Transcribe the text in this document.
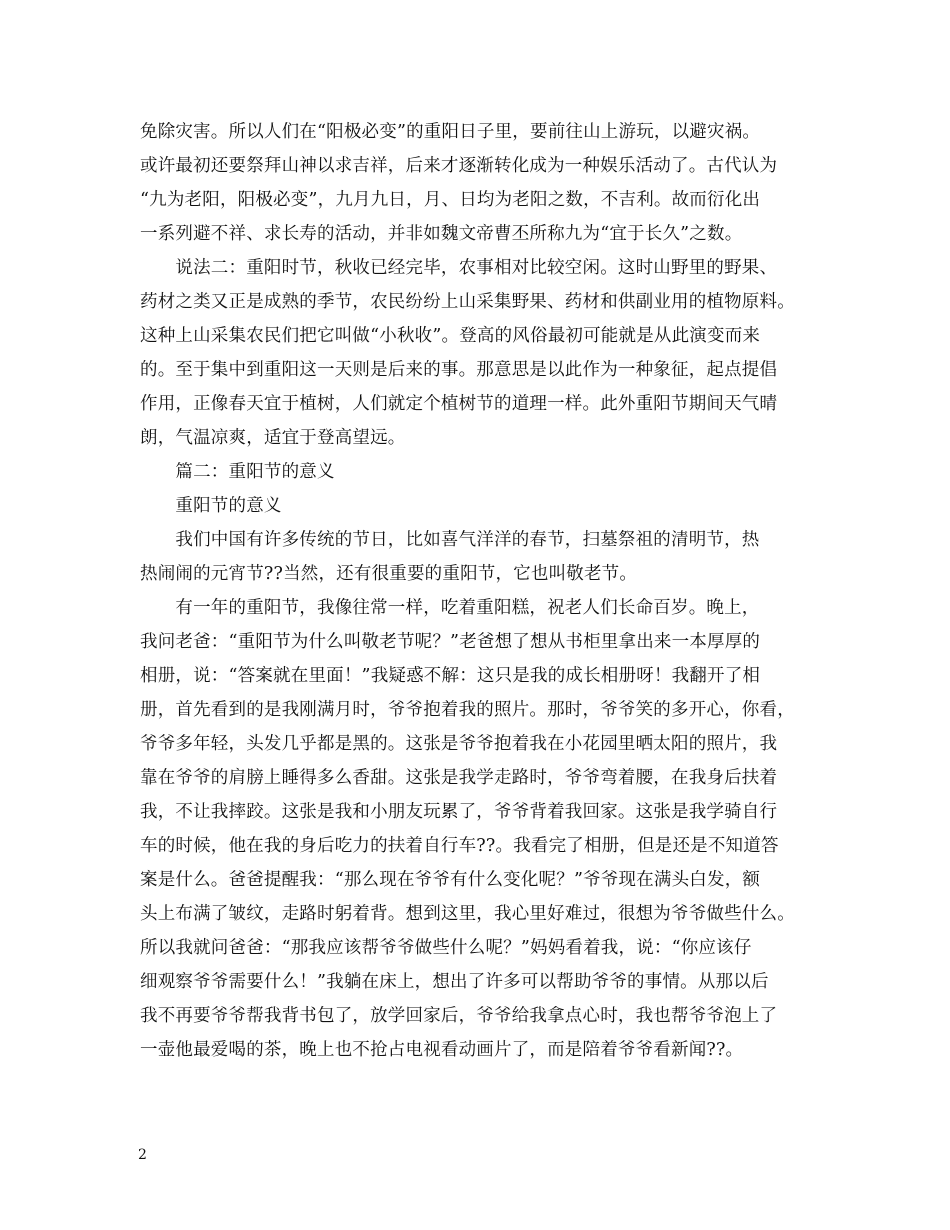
免除灾害。所以人们在“阳极必变”的重阳日子里，要前往山上游玩，以避灾祸。
或许最初还要祭拜山神以求吉祥，后来才逐渐转化成为一种娱乐活动了。古代认为
“九为老阳，阳极必变”，九月九日，月、日均为老阳之数，不吉利。故而衍化出
一系列避不祥、求长寿的活动，并非如魏文帝曹丕所称九为“宜于长久”之数。
　　说法二：重阳时节，秋收已经完毕，农事相对比较空闲。这时山野里的野果、
药材之类又正是成熟的季节，农民纷纷上山采集野果、药材和供副业用的植物原料。
这种上山采集农民们把它叫做“小秋收”。登高的风俗最初可能就是从此演变而来
的。至于集中到重阳这一天则是后来的事。那意思是以此作为一种象征，起点提倡
作用，正像春天宜于植树，人们就定个植树节的道理一样。此外重阳节期间天气晴
朗，气温凉爽，适宜于登高望远。
　　篇二：重阳节的意义
　　重阳节的意义
　　我们中国有许多传统的节日，比如喜气洋洋的春节，扫墓祭祖的清明节，热
热闹闹的元宵节??当然，还有很重要的重阳节，它也叫敬老节。
　　有一年的重阳节，我像往常一样，吃着重阳糕，祝老人们长命百岁。晚上，
我问老爸：“重阳节为什么叫敬老节呢？”老爸想了想从书柜里拿出来一本厚厚的
相册，说：“答案就在里面！”我疑惑不解：这只是我的成长相册呀！我翻开了相
册，首先看到的是我刚满月时，爷爷抱着我的照片。那时，爷爷笑的多开心，你看，
爷爷多年轻，头发几乎都是黑的。这张是爷爷抱着我在小花园里晒太阳的照片，我
靠在爷爷的肩膀上睡得多么香甜。这张是我学走路时，爷爷弯着腰，在我身后扶着
我，不让我摔跤。这张是我和小朋友玩累了，爷爷背着我回家。这张是我学骑自行
车的时候，他在我的身后吃力的扶着自行车??。我看完了相册，但是还是不知道答
案是什么。爸爸提醒我：“那么现在爷爷有什么变化呢？”爷爷现在满头白发，额
头上布满了皱纹，走路时躬着背。想到这里，我心里好难过，很想为爷爷做些什么。
所以我就问爸爸：“那我应该帮爷爷做些什么呢？”妈妈看着我，说：“你应该仔
细观察爷爷需要什么！”我躺在床上，想出了许多可以帮助爷爷的事情。从那以后
我不再要爷爷帮我背书包了，放学回家后，爷爷给我拿点心时，我也帮爷爷泡上了
一壶他最爱喝的茶，晚上也不抢占电视看动画片了，而是陪着爷爷看新闻??。
2
